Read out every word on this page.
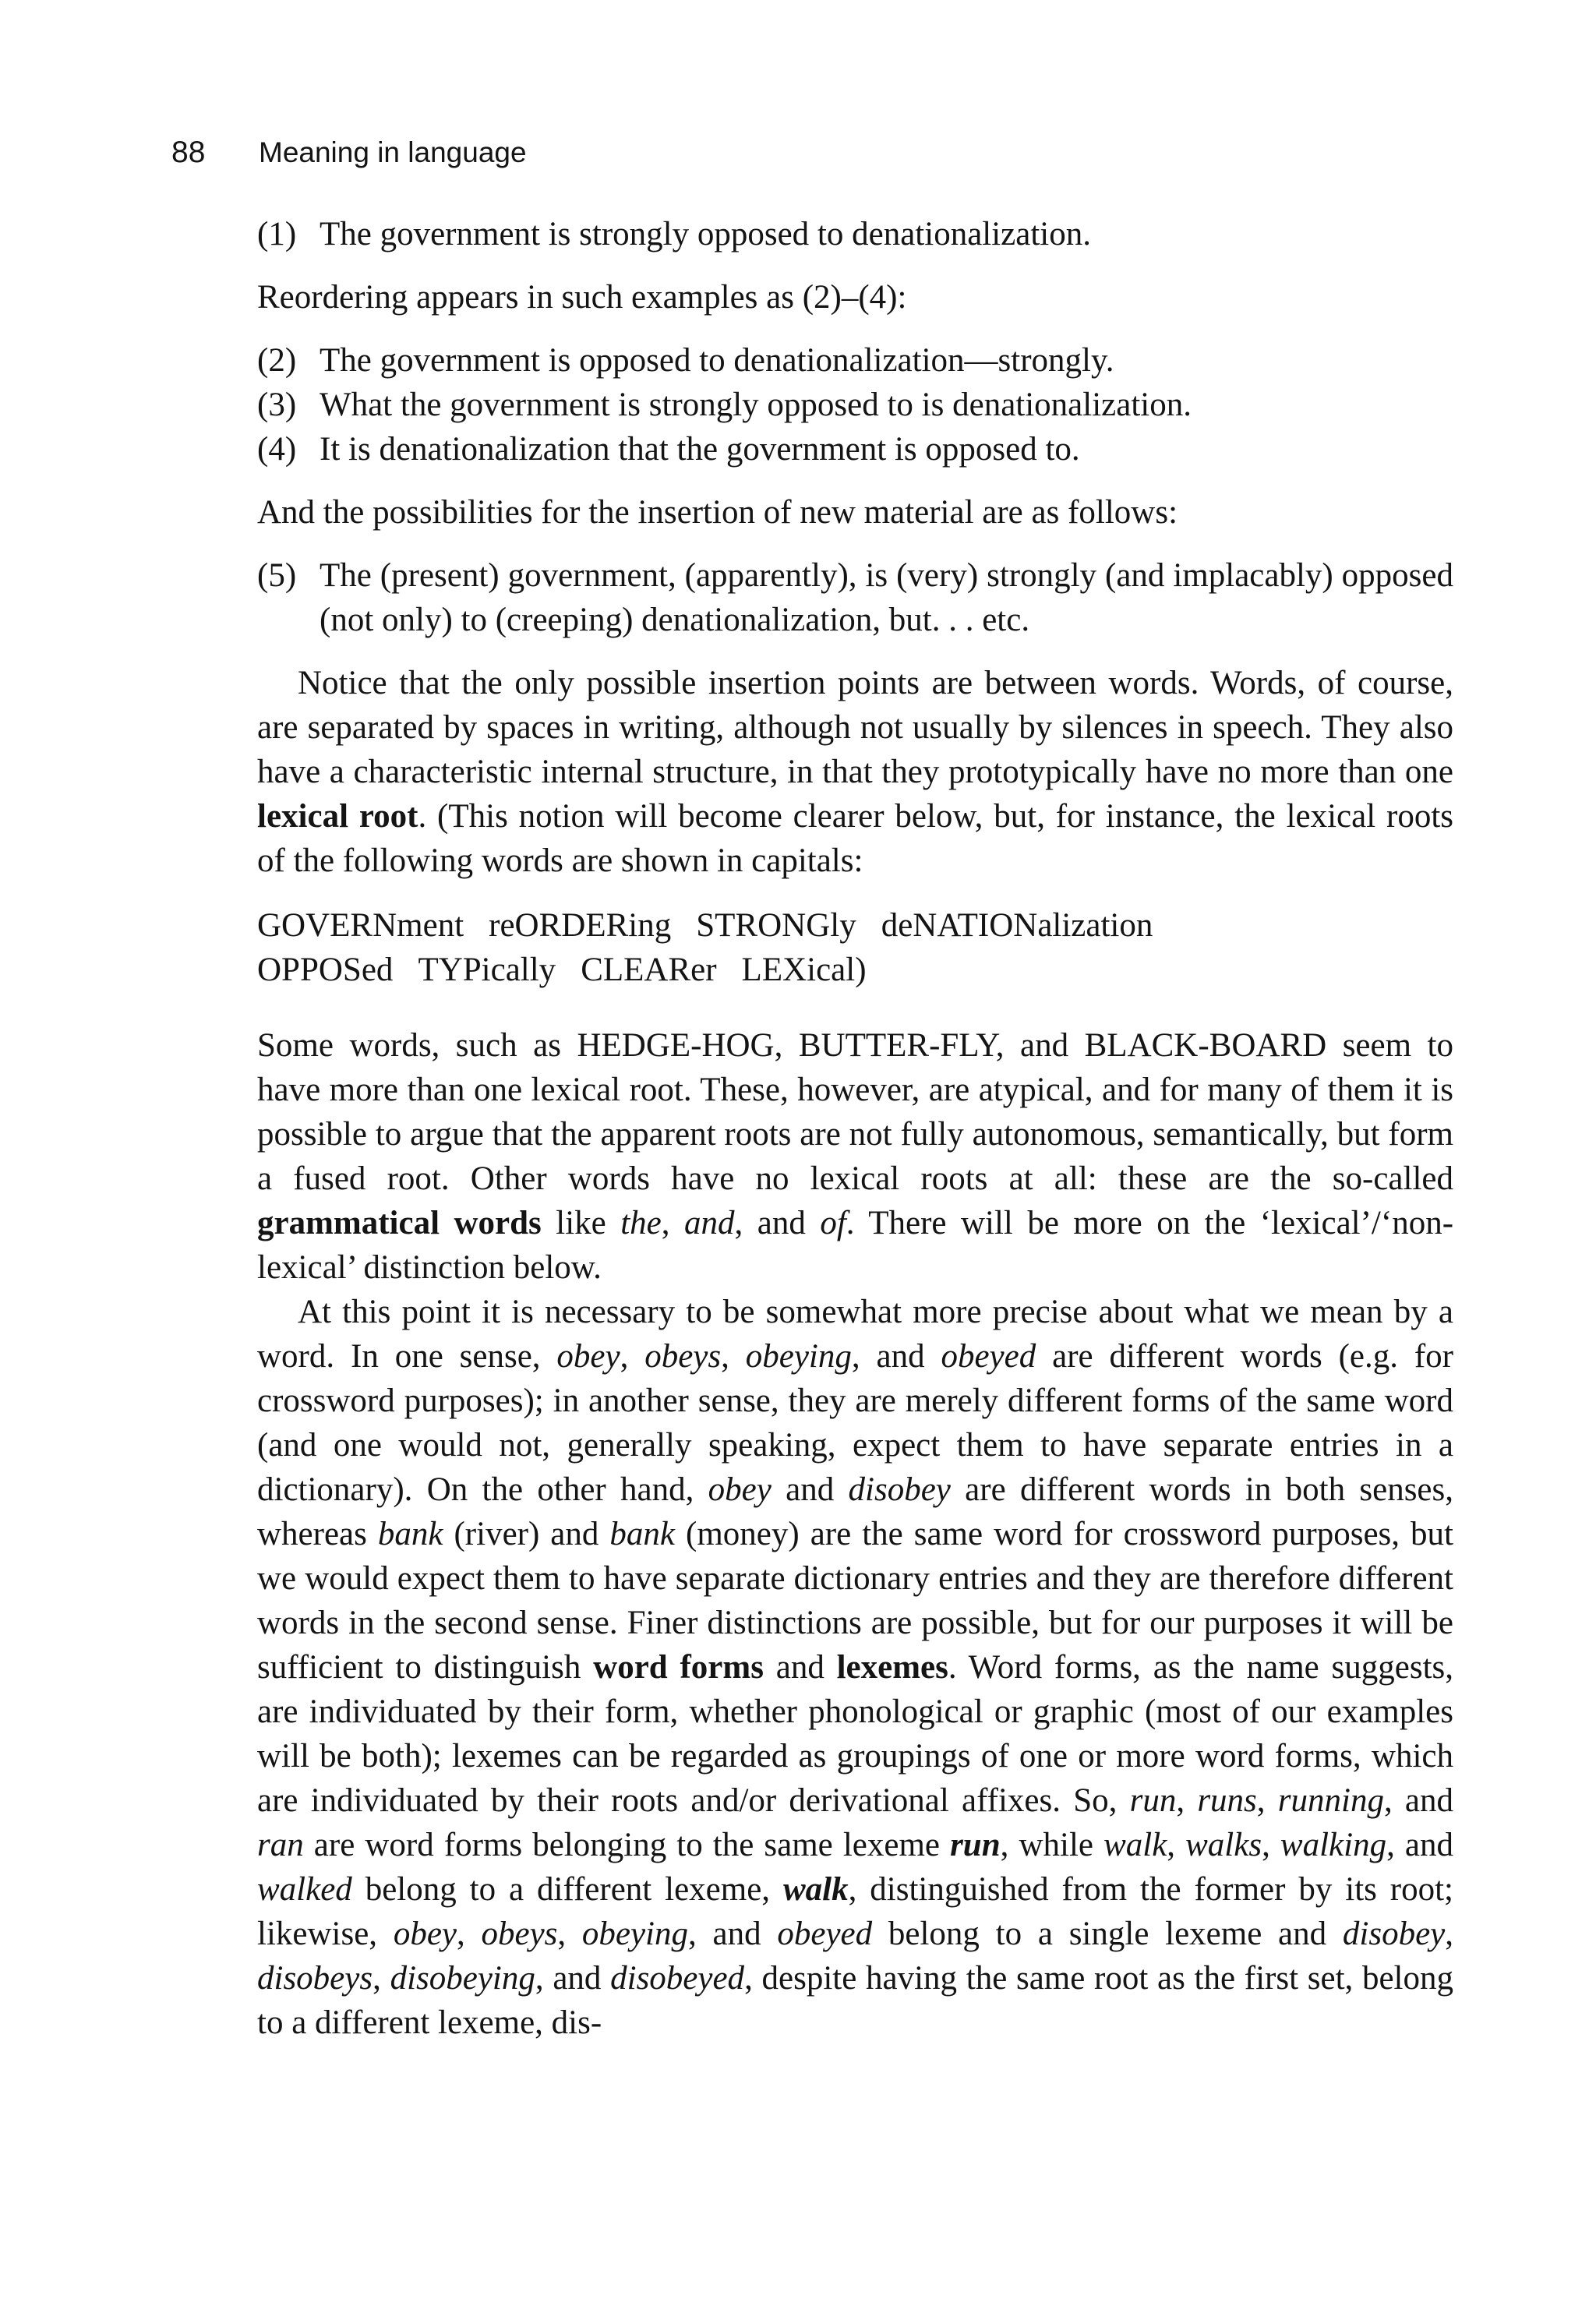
88 Meaning in language
(1) The government is strongly opposed to denationalization.

Reordering appears in such examples as (2)–(4):

(2) The government is opposed to denationalization—strongly.
(3) What the government is strongly opposed to is denationalization.
(4) It is denationalization that the government is opposed to.

And the possibilities for the insertion of new material are as follows:

(5) The (present) government, (apparently), is (very) strongly (and implacably) opposed (not only) to (creeping) denationalization, but. . . etc.

Notice that the only possible insertion points are between words. Words, of course, are separated by spaces in writing, although not usually by silences in speech. They also have a characteristic internal structure, in that they prototypically have no more than one lexical root. (This notion will become clearer below, but, for instance, the lexical roots of the following words are shown in capitals:

GOVERNment reORDERing STRONGly deNATIONalization
OPPOSed TYPically CLEARer LEXical)

Some words, such as HEDGE-HOG, BUTTER-FLY, and BLACK-BOARD seem to have more than one lexical root. These, however, are atypical, and for many of them it is possible to argue that the apparent roots are not fully autonomous, semantically, but form a fused root. Other words have no lexical roots at all: these are the so-called grammatical words like the, and, and of. There will be more on the ‘lexical’/‘non-lexical’ distinction below.

At this point it is necessary to be somewhat more precise about what we mean by a word. In one sense, obey, obeys, obeying, and obeyed are different words (e.g. for crossword purposes); in another sense, they are merely different forms of the same word (and one would not, generally speaking, expect them to have separate entries in a dictionary). On the other hand, obey and disobey are different words in both senses, whereas bank (river) and bank (money) are the same word for crossword purposes, but we would expect them to have separate dictionary entries and they are therefore different words in the second sense. Finer distinctions are possible, but for our purposes it will be sufficient to distinguish word forms and lexemes. Word forms, as the name suggests, are individuated by their form, whether phonological or graphic (most of our examples will be both); lexemes can be regarded as groupings of one or more word forms, which are individuated by their roots and/or derivational affixes. So, run, runs, running, and ran are word forms belonging to the same lexeme run, while walk, walks, walking, and walked belong to a different lexeme, walk, distinguished from the former by its root; likewise, obey, obeys, obeying, and obeyed belong to a single lexeme and disobey, disobeys, disobeying, and disobeyed, despite having the same root as the first set, belong to a different lexeme, dis-
